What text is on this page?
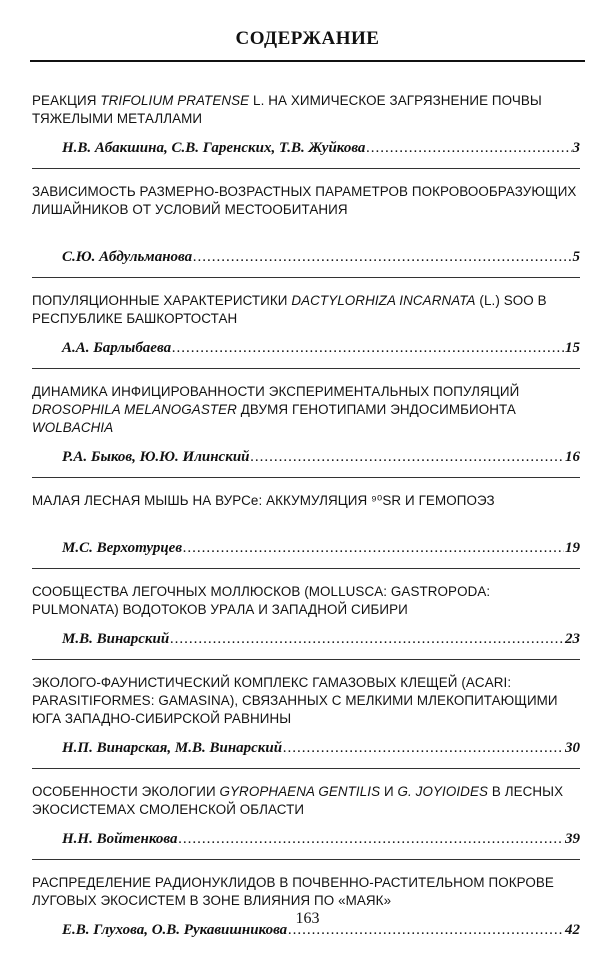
СОДЕРЖАНИЕ
РЕАКЦИЯ TRIFOLIUM PRATENSE L. НА ХИМИЧЕСКОЕ ЗАГРЯЗНЕНИЕ ПОЧВЫ ТЯЖЕЛЫМИ МЕТАЛЛАМИ
Н.В. Абакшина, С.В. Гаренских, Т.В. Жуйкова .....	3
ЗАВИСИМОСТЬ РАЗМЕРНО-ВОЗРАСТНЫХ ПАРАМЕТРОВ ПОКРОВООБРАЗУЮЩИХ ЛИШАЙНИКОВ ОТ УСЛОВИЙ МЕСТООБИТАНИЯ
С.Ю. Абдульманова .....	5
ПОПУЛЯЦИОННЫЕ ХАРАКТЕРИСТИКИ DACTYLORHIZA INCARNATA (L.) SOO В РЕСПУБЛИКЕ БАШКОРТОСТАН
А.А. Барлыбаева .....	15
ДИНАМИКА ИНФИЦИРОВАННОСТИ ЭКСПЕРИМЕНТАЛЬНЫХ ПОПУЛЯЦИЙ DROSOPHILA MELANOGASTER ДВУМЯ ГЕНОТИПАМИ ЭНДОСИМБИОНТА WOLBACHIA
Р.А. Быков, Ю.Ю. Илинский .....	16
МАЛАЯ ЛЕСНАЯ МЫШЬ НА ВУРСе: АККУМУЛЯЦИЯ ⁹⁰SR И ГЕМОПОЭЗ
М.С. Верхотурцев .....	19
СООБЩЕСТВА ЛЕГОЧНЫХ МОЛЛЮСКОВ (MOLLUSCA: GASTROPODA: PULMONATA) ВОДОТОКОВ УРАЛА И ЗАПАДНОЙ СИБИРИ
М.В. Винарский .....	23
ЭКОЛОГО-ФАУНИСТИЧЕСКИЙ КОМПЛЕКС ГАМАЗОВЫХ КЛЕЩЕЙ (ACARI: PARASITIFORMES: GAMASINA), СВЯЗАННЫХ С МЕЛКИМИ МЛЕКОПИТАЮЩИМИ ЮГА ЗАПАДНО-СИБИРСКОЙ РАВНИНЫ
Н.П. Винарская, М.В. Винарский .....	30
ОСОБЕННОСТИ ЭКОЛОГИИ GYROPHAENA GENTILIS И G. JOYIOIDES В ЛЕСНЫХ ЭКОСИСТЕМАХ СМОЛЕНСКОЙ ОБЛАСТИ
Н.Н. Войтенкова .....	39
РАСПРЕДЕЛЕНИЕ РАДИОНУКЛИДОВ В ПОЧВЕННО-РАСТИТЕЛЬНОМ ПОКРОВЕ ЛУГОВЫХ ЭКОСИСТЕМ В ЗОНЕ ВЛИЯНИЯ ПО «МАЯК»
Е.В. Глухова, О.В. Рукавишникова .....	42
163
